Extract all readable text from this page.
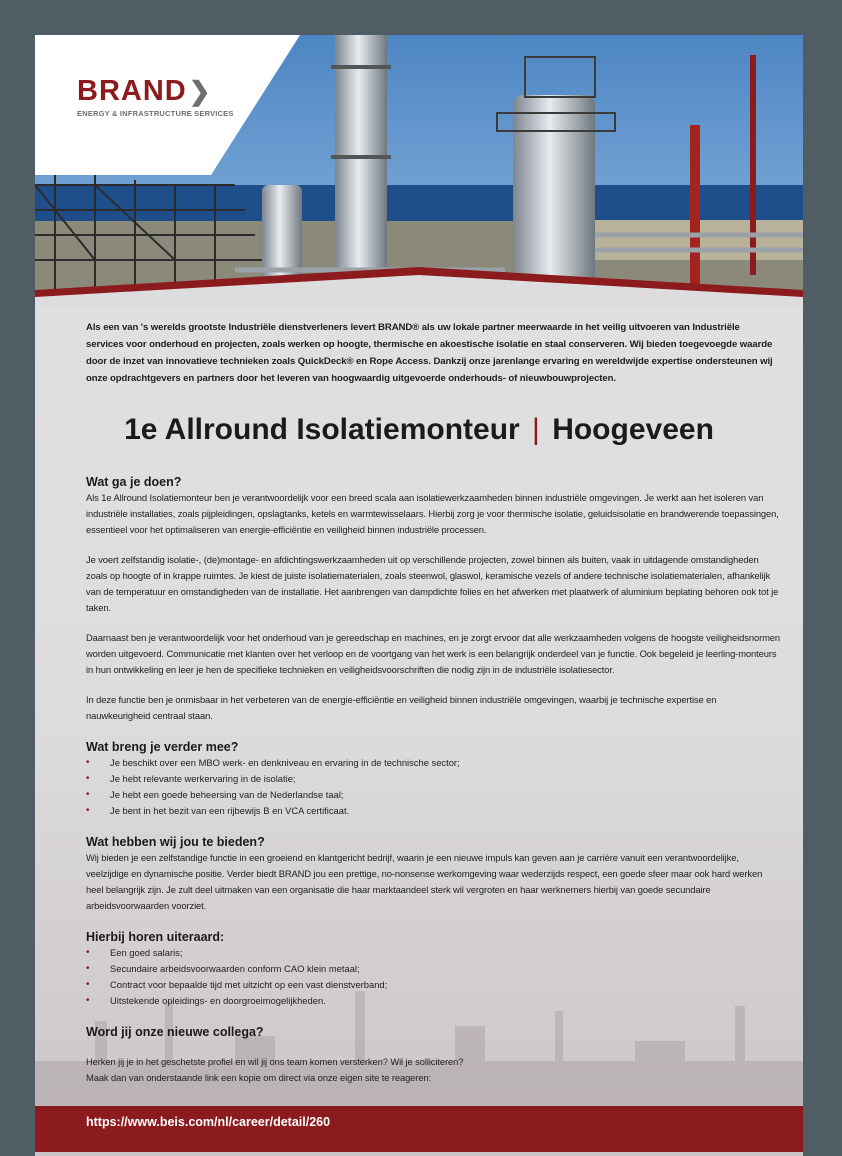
BRAND❯
ENERGY & INFRASTRUCTURE SERVICES

Als een van 's werelds grootste Industriële dienstverleners levert BRAND® als uw lokale partner meerwaarde in het veilig uitvoeren van Industriële services voor onderhoud en projecten, zoals werken op hoogte, thermische en akoestische isolatie en staal conserveren. Wij bieden toegevoegde waarde door de inzet van innovatieve technieken zoals QuickDeck® en Rope Access. Dankzij onze jarenlange ervaring en wereldwijde expertise ondersteunen wij onze opdrachtgevers en partners door het leveren van hoogwaardig uitgevoerde onderhouds- of nieuwbouwprojecten.

1e Allround Isolatiemonteur | Hoogeveen
Wat ga je doen?

Als 1e Allround Isolatiemonteur ben je verantwoordelijk voor een breed scala aan isolatiewerkzaamheden binnen industriële omgevingen. Je werkt aan het isoleren van industriële installaties, zoals pijpleidingen, opslagtanks, ketels en warmtewisselaars. Hierbij zorg je voor thermische isolatie, geluidsisolatie en brandwerende toepassingen, essentieel voor het optimaliseren van energie-efficiëntie en veiligheid binnen industriële processen.

Je voert zelfstandig isolatie-, (de)montage- en afdichtingswerkzaamheden uit op verschillende projecten, zowel binnen als buiten, vaak in uitdagende omstandigheden zoals op hoogte of in krappe ruimtes. Je kiest de juiste isolatiematerialen, zoals steenwol, glaswol, keramische vezels of andere technische isolatiematerialen, afhankelijk van de temperatuur en omstandigheden van de installatie. Het aanbrengen van dampdichte folies en het afwerken met plaatwerk of aluminium beplating behoren ook tot je taken.

Daarnaast ben je verantwoordelijk voor het onderhoud van je gereedschap en machines, en je zorgt ervoor dat alle werkzaamheden volgens de hoogste veiligheidsnormen worden uitgevoerd. Communicatie met klanten over het verloop en de voortgang van het werk is een belangrijk onderdeel van je functie. Ook begeleid je leerling-monteurs in hun ontwikkeling en leer je hen de specifieke technieken en veiligheidsvoorschriften die nodig zijn in de industriële isolatiesector.

In deze functie ben je onmisbaar in het verbeteren van de energie-efficiëntie en veiligheid binnen industriële omgevingen, waarbij je technische expertise en nauwkeurigheid centraal staan.

Wat breng je verder mee?
• Je beschikt over een MBO werk- en denkniveau en ervaring in de technische sector;
• Je hebt relevante werkervaring in de isolatie;
• Je hebt een goede beheersing van de Nederlandse taal;
• Je bent in het bezit van een rijbewijs B en VCA certificaat.
Wat hebben wij jou te bieden?

Wij bieden je een zelfstandige functie in een groeiend en klantgericht bedrijf, waarin je een nieuwe impuls kan geven aan je carrière vanuit een verantwoordelijke, veelzijdige en dynamische positie. Verder biedt BRAND jou een prettige, no-nonsense werkomgeving waar wederzijds respect, een goede sfeer maar ook hard werken heel belangrijk zijn. Je zult deel uitmaken van een organisatie die haar marktaandeel sterk wil vergroten en haar werknemers hierbij van goede secundaire arbeidsvoorwaarden voorziet.

Hierbij horen uiteraard:
• Een goed salaris;
• Secundaire arbeidsvoorwaarden conform CAO klein metaal;
• Contract voor bepaalde tijd met uitzicht op een vast dienstverband;
• Uitstekende opleidings- en doorgroeimogelijkheden.
Word jij onze nieuwe collega?

Herken jij je in het geschetste profiel en wil jij ons team komen versterken? Wil je solliciteren?

Maak dan van onderstaande link een kopie om direct via onze eigen site te reageren:

https://www.beis.com/nl/career/detail/260
